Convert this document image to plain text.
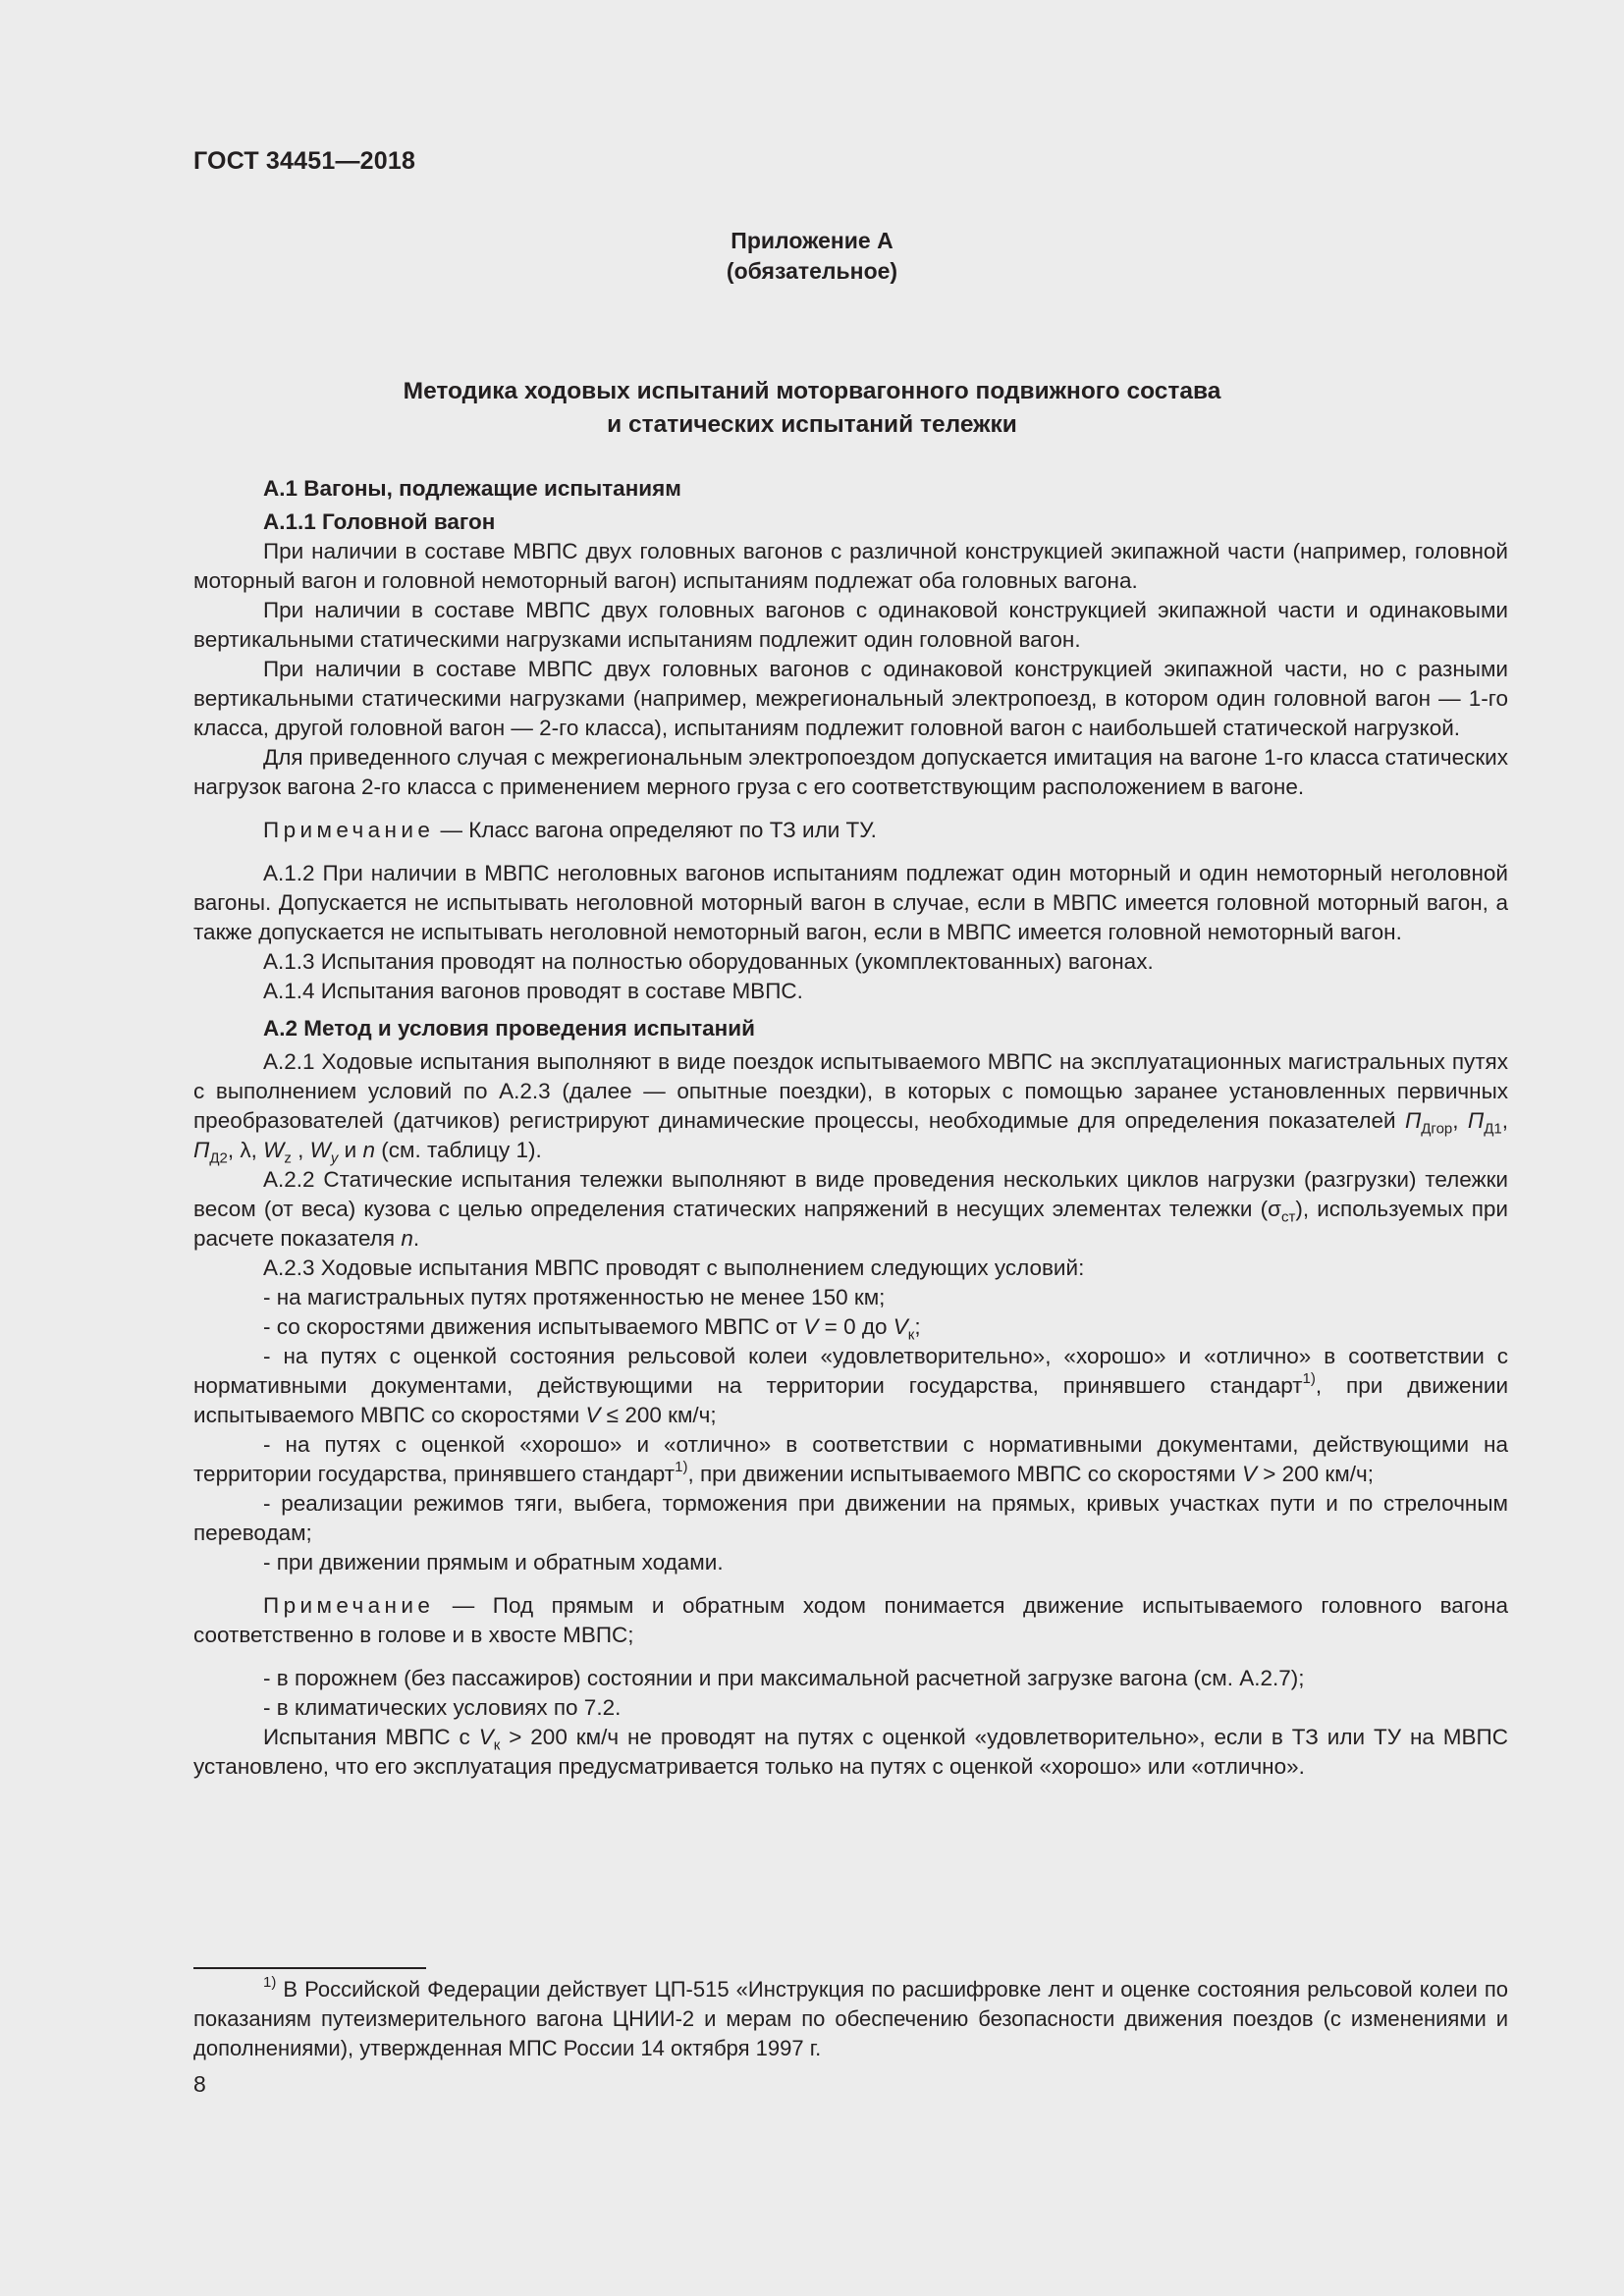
ГОСТ 34451—2018
Приложение А
(обязательное)
Методика ходовых испытаний моторвагонного подвижного состава
и статических испытаний тележки

А.1 Вагоны, подлежащие испытаниям

А.1.1 Головной вагон

При наличии в составе МВПС двух головных вагонов с различной конструкцией экипажной части (например, головной моторный вагон и головной немоторный вагон) испытаниям подлежат оба головных вагона.

При наличии в составе МВПС двух головных вагонов с одинаковой конструкцией экипажной части и одинаковыми вертикальными статическими нагрузками испытаниям подлежит один головной вагон.

При наличии в составе МВПС двух головных вагонов с одинаковой конструкцией экипажной части, но с разными вертикальными статическими нагрузками (например, межрегиональный электропоезд, в котором один головной вагон — 1-го класса, другой головной вагон — 2-го класса), испытаниям подлежит головной вагон с наибольшей статической нагрузкой.

Для приведенного случая с межрегиональным электропоездом допускается имитация на вагоне 1-го класса статических нагрузок вагона 2-го класса с применением мерного груза с его соответствующим расположением в вагоне.

Примечание — Класс вагона определяют по ТЗ или ТУ.

А.1.2 При наличии в МВПС неголовных вагонов испытаниям подлежат один моторный и один немоторный неголовной вагоны. Допускается не испытывать неголовной моторный вагон в случае, если в МВПС имеется головной моторный вагон, а также допускается не испытывать неголовной немоторный вагон, если в МВПС имеется головной немоторный вагон.

А.1.3 Испытания проводят на полностью оборудованных (укомплектованных) вагонах.

А.1.4 Испытания вагонов проводят в составе МВПС.

А.2 Метод и условия проведения испытаний

А.2.1 Ходовые испытания выполняют в виде поездок испытываемого МВПС на эксплуатационных магистральных путях с выполнением условий по А.2.3 (далее — опытные поездки), в которых с помощью заранее установленных первичных преобразователей (датчиков) регистрируют динамические процессы, необходимые для определения показателей $П_{Дгор}$, $П_{Д1}$, $П_{Д2}$, λ, $W_z$ , $W_y$ и n (см. таблицу 1).

А.2.2 Статические испытания тележки выполняют в виде проведения нескольких циклов нагрузки (разгрузки) тележки весом (от веса) кузова с целью определения статических напряжений в несущих элементах тележки $(\sigma_{ст})$, используемых при расчете показателя n.

А.2.3 Ходовые испытания МВПС проводят с выполнением следующих условий:

- на магистральных путях протяженностью не менее 150 км;

- со скоростями движения испытываемого МВПС от V = 0 до $V_к$;

- на путях с оценкой состояния рельсовой колеи «удовлетворительно», «хорошо» и «отлично» в соответствии с нормативными документами, действующими на территории государства, принявшего стандарт$^{1)}$, при движении испытываемого МВПС со скоростями V ≤ 200 км/ч;

- на путях с оценкой «хорошо» и «отлично» в соответствии с нормативными документами, действующими на территории государства, принявшего стандарт$^{1)}$, при движении испытываемого МВПС со скоростями V > 200 км/ч;

- реализации режимов тяги, выбега, торможения при движении на прямых, кривых участках пути и по стрелочным переводам;

- при движении прямым и обратным ходами.

Примечание — Под прямым и обратным ходом понимается движение испытываемого головного вагона соответственно в голове и в хвосте МВПС;

- в порожнем (без пассажиров) состоянии и при максимальной расчетной загрузке вагона (см. А.2.7);

- в климатических условиях по 7.2.

Испытания МВПС с $V_к > 200$ км/ч не проводят на путях с оценкой «удовлетворительно», если в ТЗ или ТУ на МВПС установлено, что его эксплуатация предусматривается только на путях с оценкой «хорошо» или «отлично».

$^{1)}$ В Российской Федерации действует ЦП-515 «Инструкция по расшифровке лент и оценке состояния рельсовой колеи по показаниям путеизмерительного вагона ЦНИИ-2 и мерам по обеспечению безопасности движения поездов (с изменениями и дополнениями), утвержденная МПС России 14 октября 1997 г.

8
